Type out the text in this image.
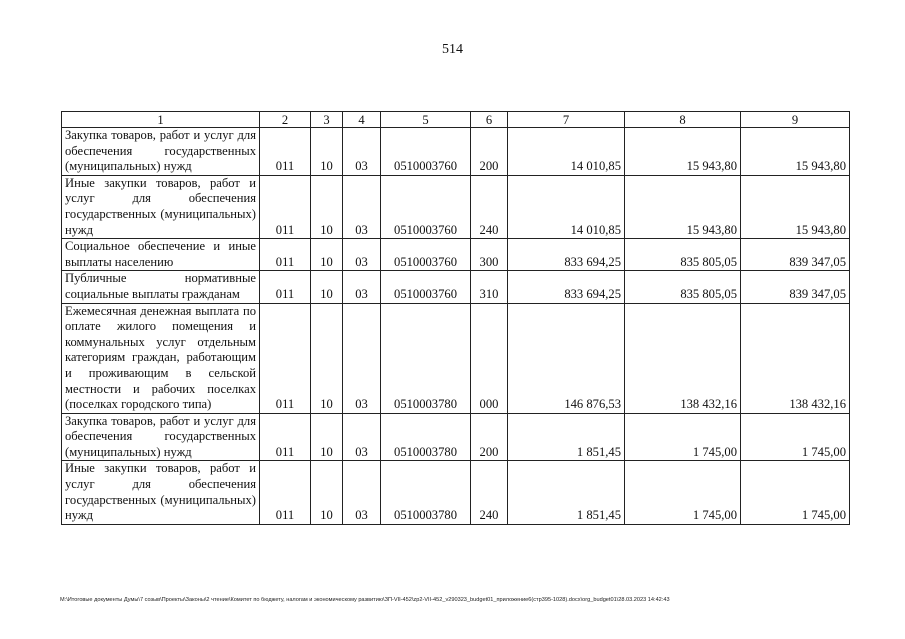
514
1	2	3	4	5	6	7	8	9
Закупка товаров, работ и услуг для обеспечения государственных (муниципальных) нужд	011	10	03	0510003760	200	14 010,85	15 943,80	15 943,80
Иные закупки товаров, работ и услуг для обеспечения государственных (муниципальных) нужд	011	10	03	0510003760	240	14 010,85	15 943,80	15 943,80
Социальное обеспечение и иные выплаты населению	011	10	03	0510003760	300	833 694,25	835 805,05	839 347,05
Публичные нормативные социальные выплаты гражданам	011	10	03	0510003760	310	833 694,25	835 805,05	839 347,05
Ежемесячная денежная выплата по оплате жилого помещения и коммунальных услуг отдельным категориям граждан, работающим и проживающим в сельской местности и рабочих поселках (поселках городского типа)	011	10	03	0510003780	000	146 876,53	138 432,16	138 432,16
Закупка товаров, работ и услуг для обеспечения государственных (муниципальных) нужд	011	10	03	0510003780	200	1 851,45	1 745,00	1 745,00
Иные закупки товаров, работ и услуг для обеспечения государственных (муниципальных) нужд	011	10	03	0510003780	240	1 851,45	1 745,00	1 745,00
М:\Итоговые документы Думы\7 созыв\Проекты\Законы\2 чтение\Комитет по бюджету, налогам и экономическому развитию\ЗП-VII-452\zp2-VII-452_v290323_budget01_приложение6(стр395-1028).docx\org_budget01\28.03.2023 14:42:43
